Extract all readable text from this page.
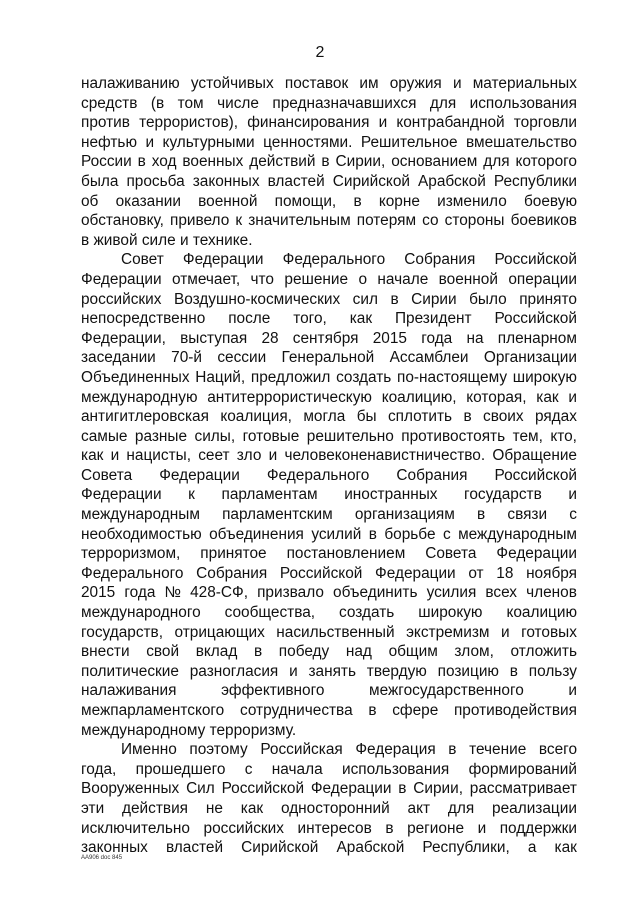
2
налаживанию устойчивых поставок им оружия и материальных
средств (в том числе предназначавшихся для использования
против террористов), финансирования и контрабандной торговли
нефтью и культурными ценностями. Решительное вмешательство
России в ход военных действий в Сирии, основанием для которого
была просьба законных властей Сирийской Арабской Республики
об оказании военной помощи, в корне изменило боевую
обстановку, привело к значительным потерям со стороны боевиков
в живой силе и технике.
Совет Федерации Федерального Собрания Российской
Федерации отмечает, что решение о начале военной операции
российских Воздушно-космических сил в Сирии было принято
непосредственно после того, как Президент Российской
Федерации, выступая 28 сентября 2015 года на пленарном
заседании 70-й сессии Генеральной Ассамблеи Организации
Объединенных Наций, предложил создать по-настоящему широкую
международную антитеррористическую коалицию, которая, как и
антигитлеровская коалиция, могла бы сплотить в своих рядах
самые разные силы, готовые решительно противостоять тем, кто,
как и нацисты, сеет зло и человеконенавистничество. Обращение
Совета Федерации Федерального Собрания Российской
Федерации к парламентам иностранных государств и
международным парламентским организациям в связи с
необходимостью объединения усилий в борьбе с международным
терроризмом, принятое постановлением Совета Федерации
Федерального Собрания Российской Федерации от 18 ноября
2015 года № 428-СФ, призвало объединить усилия всех членов
международного сообщества, создать широкую коалицию
государств, отрицающих насильственный экстремизм и готовых
внести свой вклад в победу над общим злом, отложить
политические разногласия и занять твердую позицию в пользу
налаживания	эффективного	межгосударственного	и
межпарламентского сотрудничества в сфере противодействия
международному терроризму.
Именно поэтому Российская Федерация в течение всего
года, прошедшего с начала использования формирований
Вооруженных Сил Российской Федерации в Сирии, рассматривает
эти действия не как односторонний акт для реализации
исключительно российских интересов в регионе и поддержки
законных властей Сирийской Арабской Республики, а как
АА906 doc 845
